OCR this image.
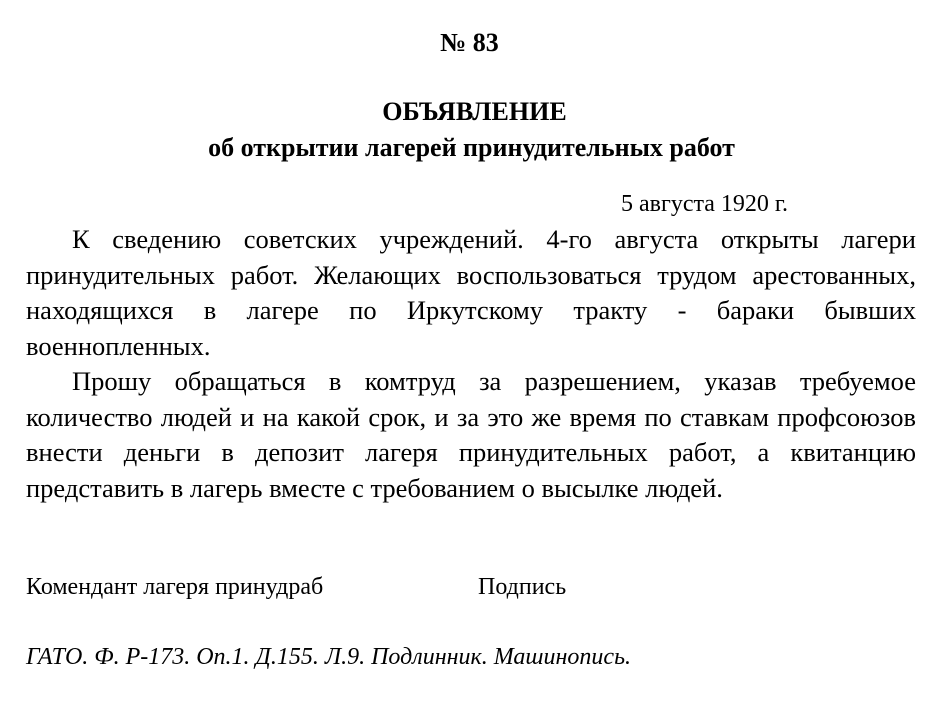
№ 83
ОБЪЯВЛЕНИЕ
об открытии лагерей принудительных работ
5 августа 1920 г.

К сведению советских учреждений. 4-го августа открыты лагери принудительных работ. Желающих воспользоваться трудом арестованных, находящихся в лагере по Иркутскому тракту - бараки бывших военнопленных.

Прошу обращаться в комтруд за разрешением, указав требуемое количество людей и на какой срок, и за это же время по ставкам профсоюзов внести деньги в депозит лагеря принудительных работ, а квитанцию представить в лагерь вместе с требованием о высылке людей.

Комендант лагеря принудраб	Подпись
ГАТО. Ф. Р-173. Оп.1. Д.155. Л.9. Подлинник. Машинопись.
